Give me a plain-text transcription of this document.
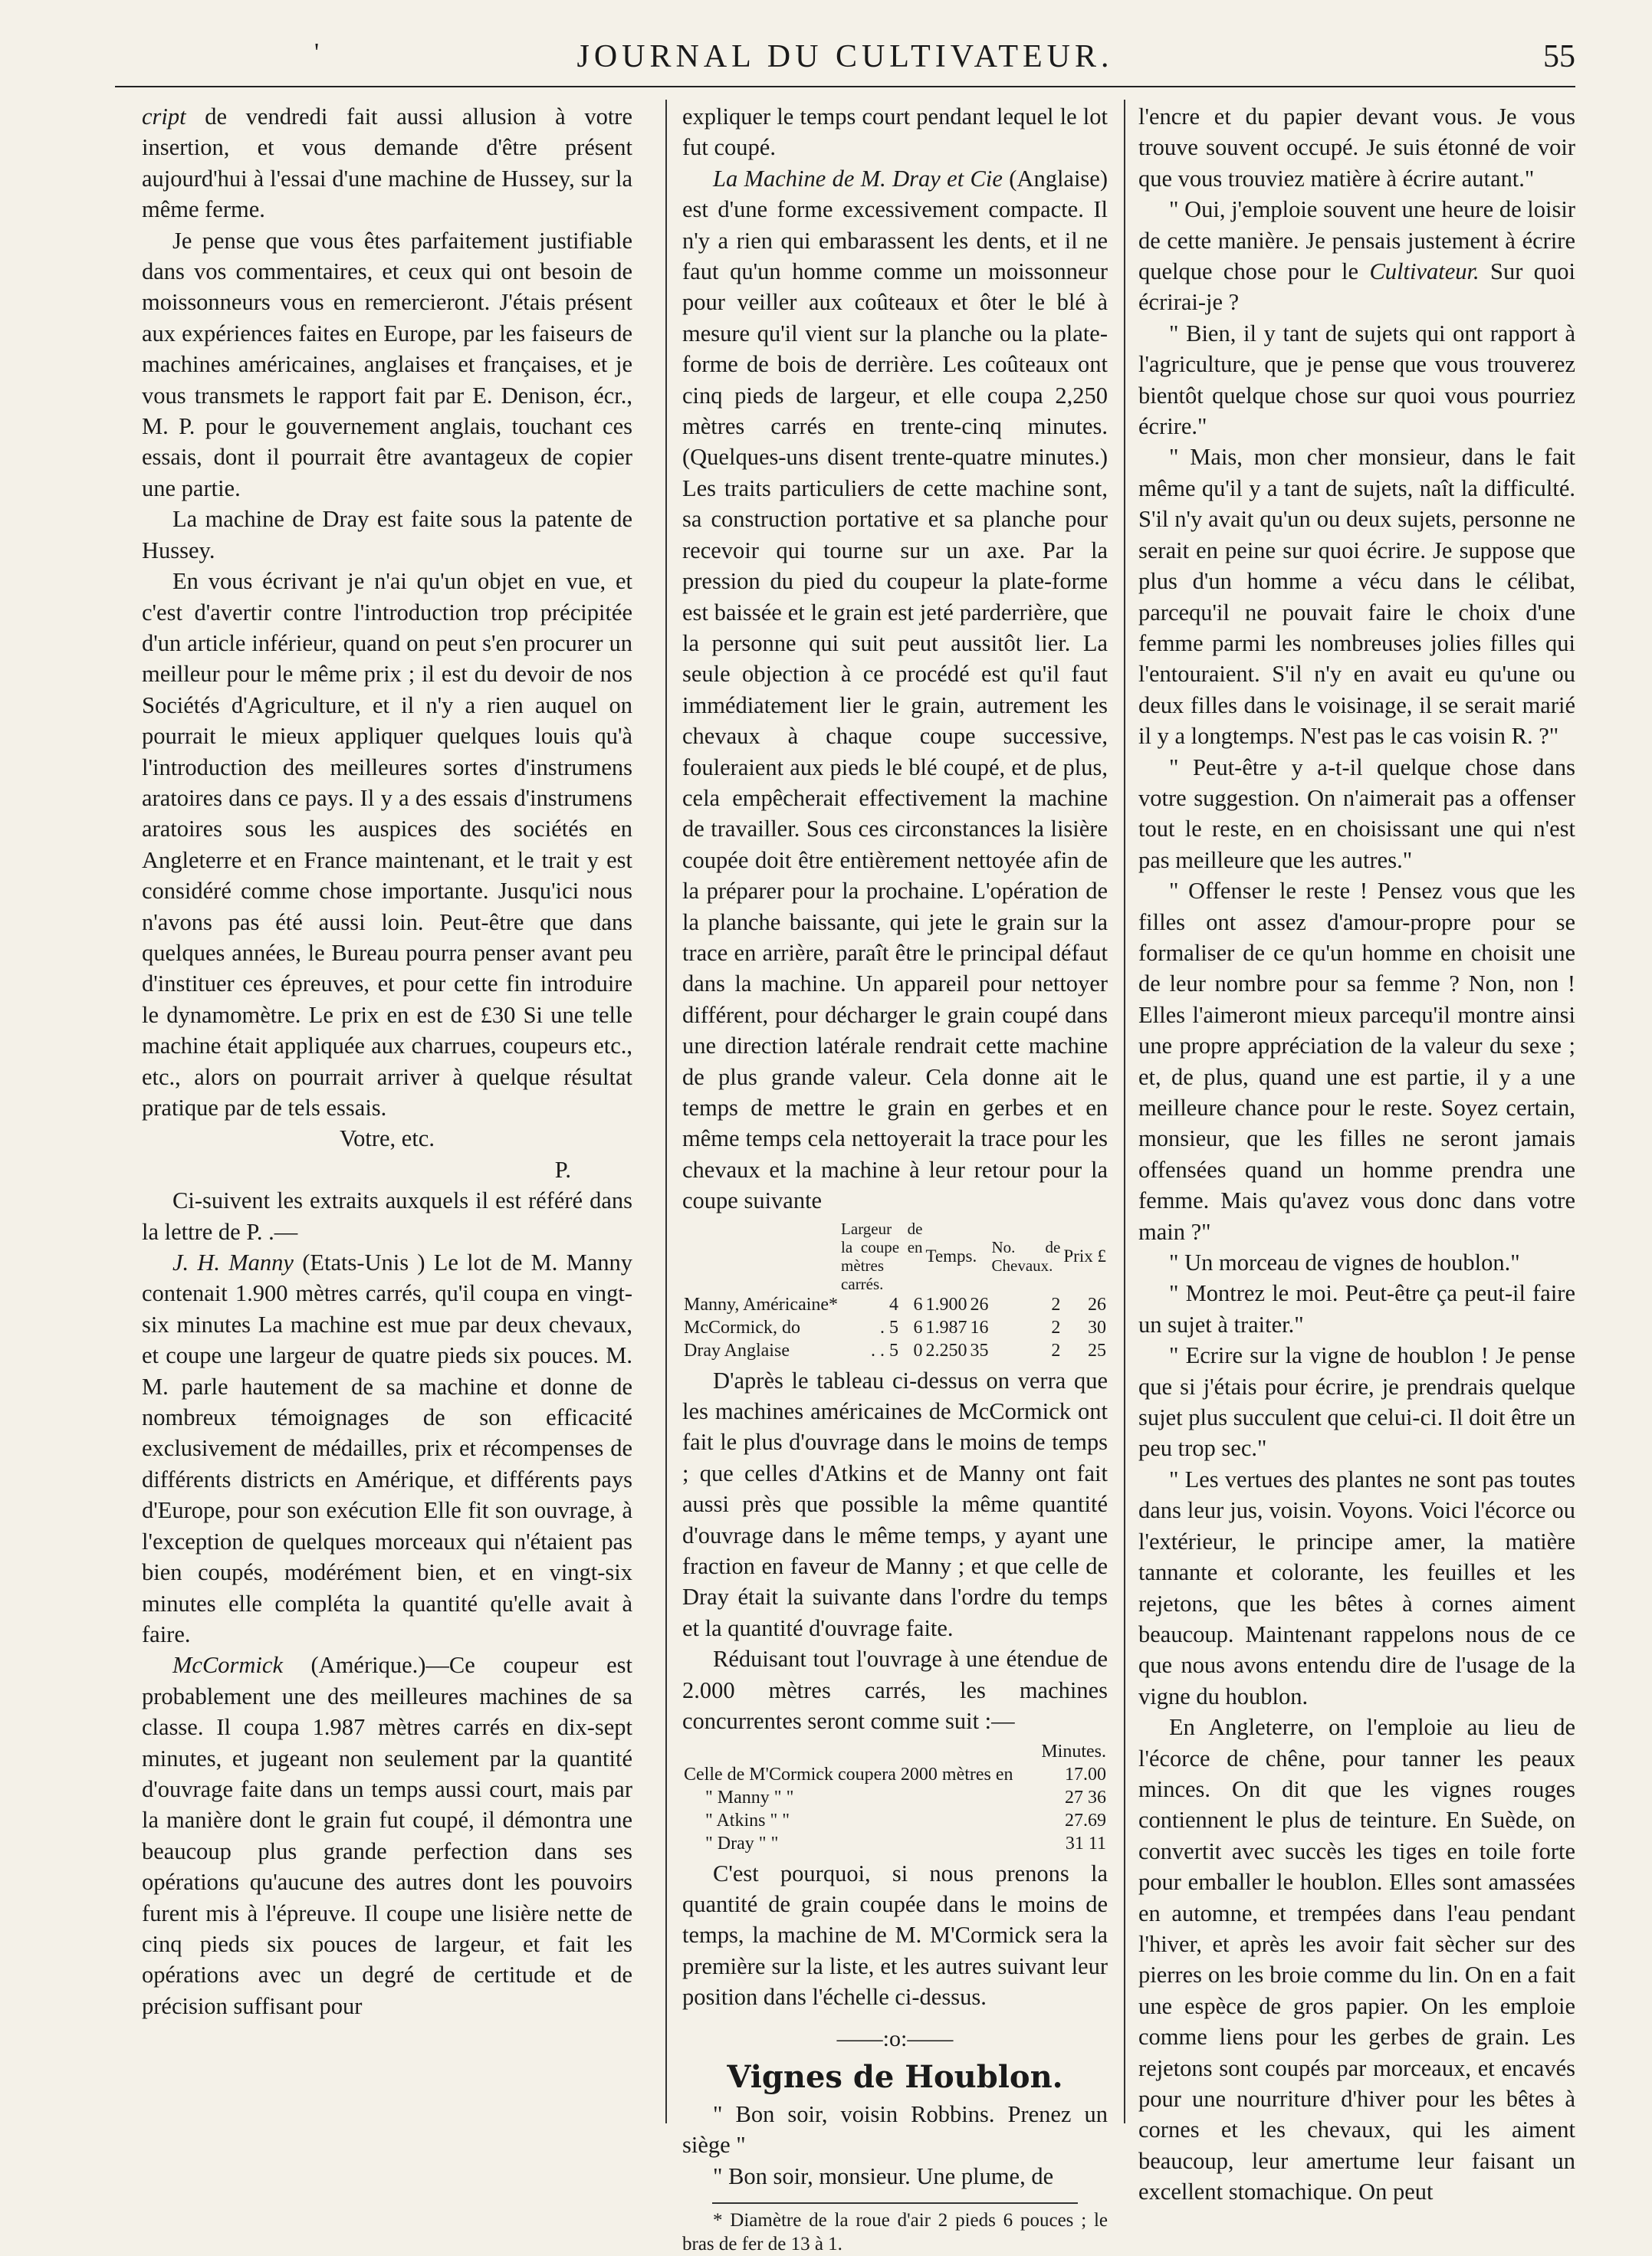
'	JOURNAL DU CULTIVATEUR.	55

cript de vendredi fait aussi allusion à votre insertion, et vous demande d'être présent aujourd'hui à l'essai d'une machine de Hussey, sur la même ferme.

Je pense que vous êtes parfaitement justifiable dans vos commentaires, et ceux qui ont besoin de moissonneurs vous en remercieront. J'étais présent aux expériences faites en Europe, par les faiseurs de machines américaines, anglaises et françaises, et je vous transmets le rapport fait par E. Denison, écr., M. P. pour le gouvernement anglais, touchant ces essais, dont il pourrait être avantageux de copier une partie.

La machine de Dray est faite sous la patente de Hussey.

En vous écrivant je n'ai qu'un objet en vue, et c'est d'avertir contre l'introduction trop précipitée d'un article inférieur, quand on peut s'en procurer un meilleur pour le même prix ; il est du devoir de nos Sociétés d'Agriculture, et il n'y a rien auquel on pourrait le mieux appliquer quelques louis qu'à l'introduction des meilleures sortes d'instrumens aratoires dans ce pays. Il y a des essais d'instrumens aratoires sous les auspices des sociétés en Angleterre et en France maintenant, et le trait y est considéré comme chose importante. Jusqu'ici nous n'avons pas été aussi loin. Peut-être que dans quelques années, le Bureau pourra penser avant peu d'instituer ces épreuves, et pour cette fin introduire le dynamomètre. Le prix en est de £30 Si une telle machine était appliquée aux charrues, coupeurs etc., etc., alors on pourrait arriver à quelque résultat pratique par de tels essais.

Votre, etc.

P.

Ci-suivent les extraits auxquels il est référé dans la lettre de P. .—

J. H. Manny (Etats-Unis ) Le lot de M. Manny contenait 1.900 mètres carrés, qu'il coupa en vingt-six minutes La machine est mue par deux chevaux, et coupe une largeur de quatre pieds six pouces. M. M. parle hautement de sa machine et donne de nombreux témoignages de son efficacité exclusivement de médailles, prix et récompenses de différents districts en Amérique, et différents pays d'Europe, pour son exécution Elle fit son ouvrage, à l'exception de quelques morceaux qui n'étaient pas bien coupés, modérément bien, et en vingt-six minutes elle compléta la quantité qu'elle avait à faire.

McCormick (Amérique.)—Ce coupeur est probablement une des meilleures machines de sa classe. Il coupa 1.987 mètres carrés en dix-sept minutes, et jugeant non seulement par la quantité d'ouvrage faite dans un temps aussi court, mais par la manière dont le grain fut coupé, il démontra une beaucoup plus grande perfection dans ses opérations qu'aucune des autres dont les pouvoirs furent mis à l'épreuve. Il coupe une lisière nette de cinq pieds six pouces de largeur, et fait les opérations avec un degré de certitude et de précision suffisant pour

expliquer le temps court pendant lequel le lot fut coupé.

La Machine de M. Dray et Cie (Anglaise) est d'une forme excessivement compacte. Il n'y a rien qui embarassent les dents, et il ne faut qu'un homme comme un moissonneur pour veiller aux coûteaux et ôter le blé à mesure qu'il vient sur la planche ou la plate-forme de bois de derrière. Les coûteaux ont cinq pieds de largeur, et elle coupa 2,250 mètres carrés en trente-cinq minutes. (Quelques-uns disent trente-quatre minutes.) Les traits particuliers de cette machine sont, sa construction portative et sa planche pour recevoir qui tourne sur un axe. Par la pression du pied du coupeur la plate-forme est baissée et le grain est jeté parderrière, que la personne qui suit peut aussitôt lier. La seule objection à ce procédé est qu'il faut immédiatement lier le grain, autrement les chevaux à chaque coupe successive, fouleraient aux pieds le blé coupé, et de plus, cela empêcherait effectivement la machine de travailler. Sous ces circonstances la lisière coupée doit être entièrement nettoyée afin de la préparer pour la prochaine. L'opération de la planche baissante, qui jete le grain sur la trace en arrière, paraît être le principal défaut dans la machine. Un appareil pour nettoyer différent, pour décharger le grain coupé dans une direction latérale rendrait cette machine de plus grande valeur. Cela donne ait le temps de mettre le grain en gerbes et en même temps cela nettoyerait la trace pour les chevaux et la machine à leur retour pour la coupe suivante

	Largeur de la coupe en mètres carrés.		Temps.		No. de Chevaux.	Prix £
Manny, Américaine*	4	6	1.900	26	2	26
McCormick, do	. 5	6	1.987	16	2	30
Dray Anglaise	. . 5	0	2.250	35	2	25

D'après le tableau ci-dessus on verra que les machines américaines de McCormick ont fait le plus d'ouvrage dans le moins de temps ; que celles d'Atkins et de Manny ont fait aussi près que possible la même quantité d'ouvrage dans le même temps, y ayant une fraction en faveur de Manny ; et que celle de Dray était la suivante dans l'ordre du temps et la quantité d'ouvrage faite.

Réduisant tout l'ouvrage à une étendue de 2.000 mètres carrés, les machines concurrentes seront comme suit :—

	Minutes.
Celle de M'Cormick couperа 2000 mètres en	17.00
" Manny " "	27 36
" Atkins " "	27.69
" Dray " "	31 11

C'est pourquoi, si nous prenons la quantité de grain coupée dans le moins de temps, la machine de M. M'Cormick sera la première sur la liste, et les autres suivant leur position dans l'échelle ci-dessus.

——:o:——
Vignes de Houblon.

" Bon soir, voisin Robbins. Prenez un siège "

" Bon soir, monsieur. Une plume, de

* Diamètre de la roue d'air 2 pieds 6 pouces ; le bras de fer de 13 à 1.

l'encre et du papier devant vous. Je vous trouve souvent occupé. Je suis étonné de voir que vous trouviez matière à écrire autant."

" Oui, j'emploie souvent une heure de loisir de cette manière. Je pensais justement à écrire quelque chose pour le Cultivateur. Sur quoi écrirai-je ?

" Bien, il y tant de sujets qui ont rapport à l'agriculture, que je pense que vous trouverez bientôt quelque chose sur quoi vous pourriez écrire."

" Mais, mon cher monsieur, dans le fait même qu'il y a tant de sujets, naît la difficulté. S'il n'y avait qu'un ou deux sujets, personne ne serait en peine sur quoi écrire. Je suppose que plus d'un homme a vécu dans le célibat, parcequ'il ne pouvait faire le choix d'une femme parmi les nombreuses jolies filles qui l'entouraient. S'il n'y en avait eu qu'une ou deux filles dans le voisinage, il se serait marié il y a longtemps. N'est pas le cas voisin R. ?"

" Peut-être y a-t-il quelque chose dans votre suggestion. On n'aimerait pas a offenser tout le reste, en en choisissant une qui n'est pas meilleure que les autres."

" Offenser le reste ! Pensez vous que les filles ont assez d'amour-propre pour se formaliser de ce qu'un homme en choisit une de leur nombre pour sa femme ? Non, non ! Elles l'aimeront mieux parcequ'il montre ainsi une propre appréciation de la valeur du sexe ; et, de plus, quand une est partie, il y a une meilleure chance pour le reste. Soyez certain, monsieur, que les filles ne seront jamais offensées quand un homme prendra une femme. Mais qu'avez vous donc dans votre main ?"

" Un morceau de vignes de houblon."

" Montrez le moi. Peut-être ça peut-il faire un sujet à traiter."

" Ecrire sur la vigne de houblon ! Je pense que si j'étais pour écrire, je prendrais quelque sujet plus succulent que celui-ci. Il doit être un peu trop sec."

" Les vertues des plantes ne sont pas toutes dans leur jus, voisin. Voyons. Voici l'écorce ou l'extérieur, le principe amer, la matière tannante et colorante, les feuilles et les rejetons, que les bêtes à cornes aiment beaucoup. Maintenant rappelons nous de ce que nous avons entendu dire de l'usage de la vigne du houblon.

En Angleterre, on l'emploie au lieu de l'écorce de chêne, pour tanner les peaux minces. On dit que les vignes rouges contiennent le plus de teinture. En Suède, on convertit avec succès les tiges en toile forte pour emballer le houblon. Elles sont amassées en automne, et trempées dans l'eau pendant l'hiver, et après les avoir fait sècher sur des pierres on les broie comme du lin. On en a fait une espèce de gros papier. On les emploie comme liens pour les gerbes de grain. Les rejetons sont coupés par morceaux, et encavés pour une nourriture d'hiver pour les bêtes à cornes et les chevaux, qui les aiment beaucoup, leur amertume leur faisant un excellent stomachique. On peut
